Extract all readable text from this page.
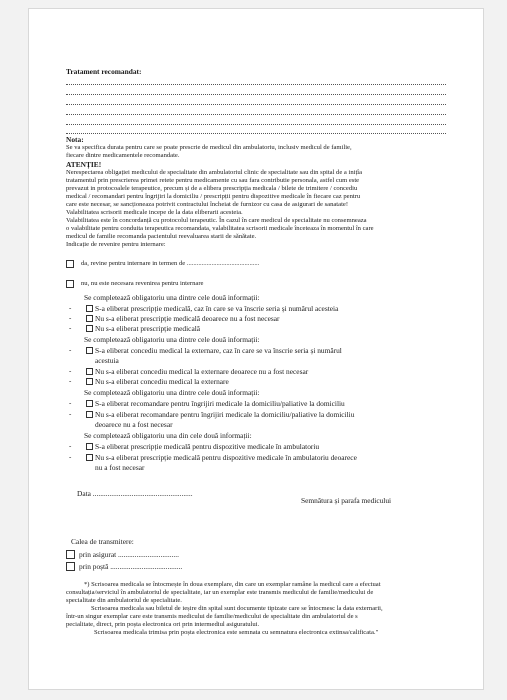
Tratament recomandat:
Nota:
Se va specifica durata pentru care se poate prescrie de medicul din ambulatoriu, inclusiv medicul de familie,
fiecare dintre medicamentele recomandate.
ATENȚIE!
Nerespectarea obligației medicului de specialitate din ambulatoriul clinic de specialitate sau din spital de a inițîa
tratamentul prin prescrierea primei retete pentru medicamente cu sau fara contributie personala, astfel cum este
prevazut in protocoalele terapeutice, precum și de a elibera prescripția medicala / bilete de trimitere / concediu
medical / recomandari pentru îngrijiri la domiciliu / prescripții pentru dispozitive medicale în fiecare caz pentru
care este necesar, se sancționeaza potrivit contractului încheiat de furnizor cu casa de asigurari de sanatate!
Valabilitatea scrisorii medicale incepe de la data eliberarii acesteia.
Valabilitatea este în concordanță cu protocolul terapeutic. În cazul în care medicul de specialitate nu consemneaza
o valabilitate pentru conduita terapeutica recomandata, valabilitatea scrisorii medicale înceteaza în momentul în care
medicul de familie recomanda pacientului reevaluarea starii de sănătate.
Indicație de revenire pentru internare:
da, revine pentru internare in termen de ............................................
nu, nu este necesara revenirea pentru internare
Se completează obligatoriu una dintre cele două informații:
-	S-a eliberat prescripție medicală, caz în care se va înscrie seria și numărul acesteia
-	Nu s-a eliberat prescripție medicală deoarece nu a fost necesar
-	Nu s-a eliberat prescripție medicală
Se completează obligatoriu una dintre cele două informații:
-	S-a eliberat concediu medical la externare, caz în care se va înscrie seria și numărul
acestuia
-	Nu s-a eliberat concediu medical la externare deoarece nu a fost necesar
-	Nu s-a eliberat concediu medical la externare
Se completează obligatoriu una dintre cele două informații:
-	S-a eliberat recomandare pentru îngrijiri medicale la domiciliu/paliative la domiciliu
-	Nu s-a eliberat recomandare pentru îngrijiri medicale la domiciliu/paliative la domiciliu
deoarece nu a fost necesar
Se completează obligatoriu una din cele două informații:
-	S-a eliberat prescripție medicală pentru dispozitive medicale în ambulatoriu
-	Nu s-a eliberat prescripție medicală pentru dispozitive medicale în ambulatoriu deoarece
nu a fost necesar
Data ......................................................
Semnătura și parafa medicului
Calea de transmitere:
prin asigurat .................................
prin poștă .......................................
*) Scrisoarea medicala se întocmește în doua exemplare, din care un exemplar ramâne la medicul care a efectuat
consultația/serviciul în ambulatoriul de specialitate, iar un exemplar este transmis medicului de familie/medicului de
specialitate din ambulatoriul de specialitate.
Scrisoarea medicala sau biletul de ieșire din spital sunt documente tipizate care se întocmesc la data externarii,
într-un singur exemplar care este transmis medicului de familie/medicului de specialitate din ambulatoriul de s
pecialitate, direct, prin poșta electronica ori prin intermediul asiguratului.
Scrisoarea medicala trimisa prin poșta electronica este semnata cu semnatura electronica extinsa/calificata."
